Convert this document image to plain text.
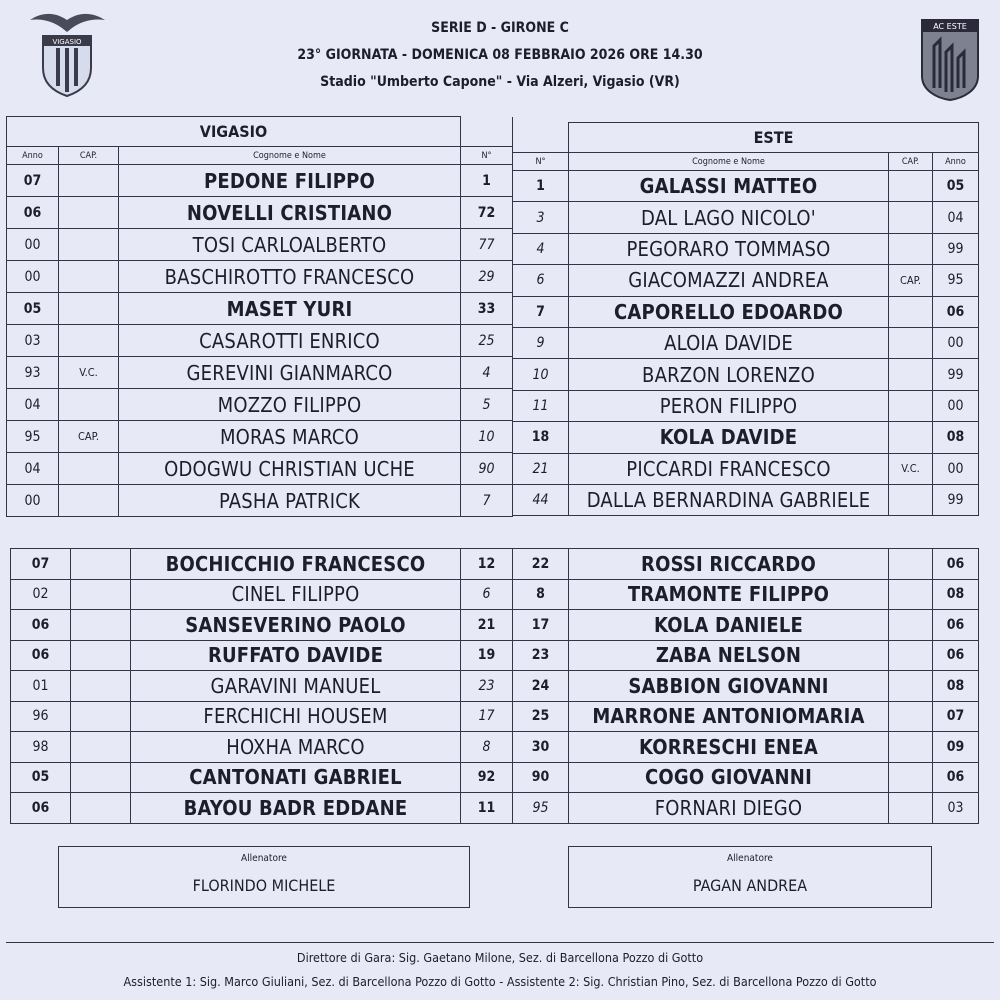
SERIE D - GIRONE C
23° GIORNATA - DOMENICA 08 FEBBRAIO 2026 ORE 14.30
Stadio "Umberto Capone" - Via Alzeri, Vigasio (VR)
VIGASIO
AC ESTE
VIGASIO			
Anno	CAP.	Cognome e Nome	N°
07		PEDONE FILIPPO	1
06		NOVELLI CRISTIANO	72
00		TOSI CARLOALBERTO	77
00		BASCHIROTTO FRANCESCO	29
05		MASET YURI	33
03		CASAROTTI ENRICO	25
93	V.C.	GEREVINI GIANMARCO	4
04		MOZZO FILIPPO	5
95	CAP.	MORAS MARCO	10
04		ODOGWU CHRISTIAN UCHE	90
00		PASHA PATRICK	7
	ESTE		
N°	Cognome e Nome	CAP.	Anno
1	GALASSI MATTEO		05
3	DAL LAGO NICOLO'		04
4	PEGORARO TOMMASO		99
6	GIACOMAZZI ANDREA	CAP.	95
7	CAPORELLO EDOARDO		06
9	ALOIA DAVIDE		00
10	BARZON LORENZO		99
11	PERON FILIPPO		00
18	KOLA DAVIDE		08
21	PICCARDI FRANCESCO	V.C.	00
44	DALLA BERNARDINA GABRIELE		99
07		BOCHICCHIO FRANCESCO	12
02		CINEL FILIPPO	6
06		SANSEVERINO PAOLO	21
06		RUFFATO DAVIDE	19
01		GARAVINI MANUEL	23
96		FERCHICHI HOUSEM	17
98		HOXHA MARCO	8
05		CANTONATI GABRIEL	92
06		BAYOU BADR EDDANE	11
22	ROSSI RICCARDO		06
8	TRAMONTE FILIPPO		08
17	KOLA DANIELE		06
23	ZABA NELSON		06
24	SABBION GIOVANNI		08
25	MARRONE ANTONIOMARIA		07
30	KORRESCHI ENEA		09
90	COGO GIOVANNI		06
95	FORNARI DIEGO		03
Allenatore
FLORINDO MICHELE
Allenatore
PAGAN ANDREA
Direttore di Gara: Sig. Gaetano Milone, Sez. di Barcellona Pozzo di Gotto
Assistente 1: Sig. Marco Giuliani, Sez. di Barcellona Pozzo di Gotto - Assistente 2: Sig. Christian Pino, Sez. di Barcellona Pozzo di Gotto
